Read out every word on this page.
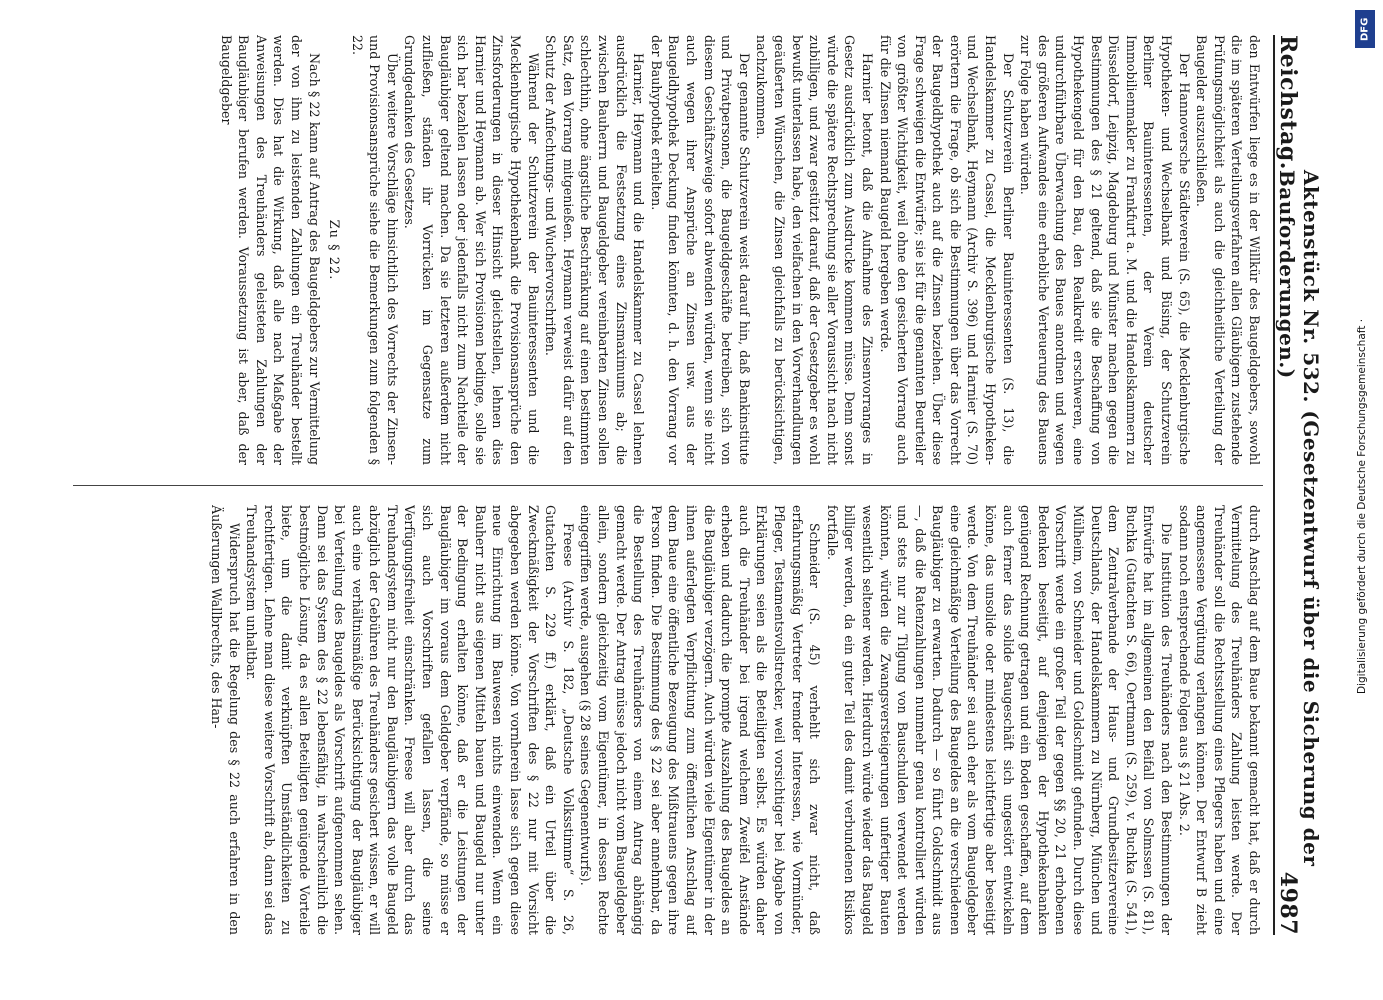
Reichstag.
Aktenstück Nr. 532. (Gesetzentwurf über die Sicherung der Bauforderungen.)
4987

den Entwürfen liege es in der Willkür des Baugeldgebers, sowohl die im späteren Verteilungsverfahren allen Gläubigern zustehende Prüfungsmöglichkeit als auch die gleichheitliche Verteilung der Baugelder auszuschließen.

Der Hannoversche Städteverein (S. 65), die Mecklenburgische Hypotheken- und Wechselbank und Büsing, der Schutzverein Berliner Bauinteressenten, der Verein deutscher Immobilienmakler zu Frankfurt a. M. und die Handelskammern zu Düsseldorf, Leipzig, Magdeburg und Münster machen gegen die Bestimmungen des § 21 geltend, daß sie die Beschaffung von Hypothekengeld für den Bau, den Realkredit erschweren, eine undurchführbare Überwachung des Baues anordnen und wegen des größeren Aufwandes eine erhebliche Verteuerung des Bauens zur Folge haben würden.

Der Schutzverein Berliner Bauinteressenten (S. 13), die Handelskammer zu Cassel, die Mecklenburgische Hypotheken- und Wechselbank, Heymann (Archiv S. 396) und Harnier (S. 70) erörtern die Frage, ob sich die Bestimmungen über das Vorrecht der Baugeldhypothek auch auf die Zinsen beziehen. Über diese Frage schweigen die Entwürfe; sie ist für die genannten Beurteiler von größter Wichtigkeit, weil ohne den gesicherten Vorrang auch für die Zinsen niemand Baugeld hergeben werde.

Harnier betont, daß die Aufnahme des Zinsenvorranges in Gesetz ausdrücklich zum Ausdrucke kommen müsse. Denn sonst würde die spätere Rechtsprechung sie aller Voraussicht nach nicht zubilligen, und zwar gestützt darauf, daß der Gesetzgeber es wohl bewußt unterlassen habe, den vielfachen in den Vorverhandlungen geäußerten Wünschen, die Zinsen gleichfalls zu berücksichtigen, nachzukommen.

Der genannte Schutzverein weist darauf hin, daß Bankinstitute und Privatpersonen, die Baugeldgeschäfte betreiben, sich von diesem Geschäftszweige sofort abwenden würden, wenn sie nicht auch wegen ihrer Ansprüche an Zinsen usw. aus der Baugeldhypothek Deckung finden könnten, d. h. den Vorrang vor der Bauhypothek erhielten.

Harnier, Heymann und die Handelskammer zu Cassel lehnen ausdrücklich die Festsetzung eines Zinsmaximums ab; die zwischen Bauherrn und Baugeldgeber vereinbarten Zinsen sollen schlechthin, ohne ängstliche Beschränkung auf einen bestimmten Satz, den Vorrang mitgenießen. Heymann verweist dafür auf den Schutz der Anfechtungs- und Wuchervorschriften.

Während der Schutzverein der Bauinteressenten und die Mecklenburgische Hypothekenbank die Provisionsansprüche den Zinsforderungen in dieser Hinsicht gleichstellen, lehnen dies Harnier und Heymann ab. Wer sich Provisionen bedinge, solle sie sich bar bezahlen lassen oder jedenfalls nicht zum Nachteile der Baugläubiger geltend machen. Da sie letzteren außerdem nicht zufließen, ständen ihr Vorrücken im Gegensatze zum Grundgedanken des Gesetzes.

Über weitere Vorschläge hinsichtlich des Vorrechts der Zinsen- und Provisionsansprüche siehe die Bemerkungen zum folgenden § 22.

Zu § 22.

Nach § 22 kann auf Antrag des Baugeldgebers zur Vermittelung der von ihm zu leistenden Zahlungen ein Treuhänder bestellt werden. Dies hat die Wirkung, daß alle nach Maßgabe der Anweisungen des Treuhänders geleisteten Zahlungen der Baugläubiger berufen werden. Voraussetzung ist aber, daß der Baugeldgeber

durch Anschlag auf dem Baue bekannt gemacht hat, daß er durch Vermittelung des Treuhänders Zahlung leisten werde. Der Treuhänder soll die Rechtsstellung eines Pflegers haben und eine angemessene Vergütung verlangen können. Der Entwurf B zieht sodann noch entsprechende Folgen aus § 21 Abs. 2.

Die Institution des Treuhänders nach den Bestimmungen der Entwürfe hat im allgemeinen den Beifall von Solmssen (S. 81), Buchka (Gutachten S. 66), Oertmann (S. 259), v. Buchka (S. 541), dem Zentralverbande der Haus- und Grundbesitzervereine Deutschlands, der Handelskammern zu Nürnberg, München und Mülheim, von Schneider und Goldschmidt gefunden. Durch diese Vorschrift werde ein großer Teil der gegen §§ 20, 21 erhobenen Bedenken beseitigt, auf denjenigen der Hypothekenbanken genügend Rechnung getragen und ein Boden geschaffen, auf dem auch ferner das solide Baugeschäft sich ungestört entwickeln könne, das unsolide oder mindestens leichtfertige aber beseitigt werde. Von dem Treuhänder sei auch eher als vom Baugeldgeber eine gleichmäßige Verteilung des Baugeldes an die verschiedenen Baugläubiger zu erwarten. Dadurch — so führt Goldschmidt aus —, daß die Ratenzahlungen nunmehr genau kontrolliert würden und stets nur zur Tilgung von Bauschulden verwendet werden könnten, würden die Zwangsversteigerungen unfertiger Bauten wesentlich seltener werden. Hierdurch würde wieder das Baugeld billiger werden, da ein guter Teil des damit verbundenen Risikos fortfalle.

Schneider (S. 45) verhehlt sich zwar nicht, daß erfahrungsmäßig Vertreter fremder Interessen, wie Vormünder, Pfleger, Testamentsvollstrecker, weil vorsichtiger bei Abgabe von Erklärungen seien als die Beteiligten selbst. Es würden daher auch die Treuhänder bei irgend welchem Zweifel Anstände erheben und dadurch die prompte Auszahlung des Baugeldes an die Baugläubiger verzögern. Auch würden viele Eigentümer in der ihnen auferlegten Verpflichtung zum öffentlichen Anschlag auf dem Baue eine öffentliche Bezeugung des Mißtrauens gegen ihre Person finden. Die Bestimmung des § 22 sei aber annehmbar, da die Bestellung des Treuhänders von einem Antrag abhängig gemacht werde. Der Antrag müsse jedoch nicht vom Baugeldgeber allein, sondern gleichzeitig vom Eigentümer, in dessen Rechte eingegriffen werde, ausgehen (§ 28 seines Gegenentwurfs).

Freese (Archiv S. 182, „Deutsche Volksstimme“ S. 26, Gutachten S. 229 ff.) erklärt, daß ein Urteil über die Zweckmäßigkeit der Vorschriften des § 22 nur mit Vorsicht abgegeben werden könne. Von vornherein lasse sich gegen diese neue Einrichtung im Bauwesen nichts einwenden. Wenn ein Bauherr nicht aus eigenen Mitteln bauen und Baugeld nur unter der Bedingung erhalten könne, daß er die Leistungen der Baugläubiger im voraus dem Geldgeber verpfände, so müsse er sich auch Vorschriften gefallen lassen, die seine Verfügungsfreiheit einschränken. Freese will aber durch das Treuhandsystem nicht nur den Baugläubigern das volle Baugeld abzüglich der Gebühren des Treuhänders gesichert wissen, er will auch eine verhältnismäßige Berücksichtigung der Baugläubiger bei Verteilung des Baugeldes als Vorschrift aufgenommen sehen. Dann sei das System des § 22 lebensfähig, in wahrscheinlich die bestmögliche Lösung, da es allen Beteiligten genügende Vorteile biete, um die damit verknüpften Umständlichkeiten zu rechtfertigen. Lehne man diese weitere Vorschrift ab, dann sei das Treuhandsystem unhaltbar.

Widerspruch hat die Regelung des § 22 auch erfahren in den Äußerungen Wallbrechts, des Han-

DFG
Digitalisierung gefördert durch die Deutsche Forschungsgemeinschaft ·
